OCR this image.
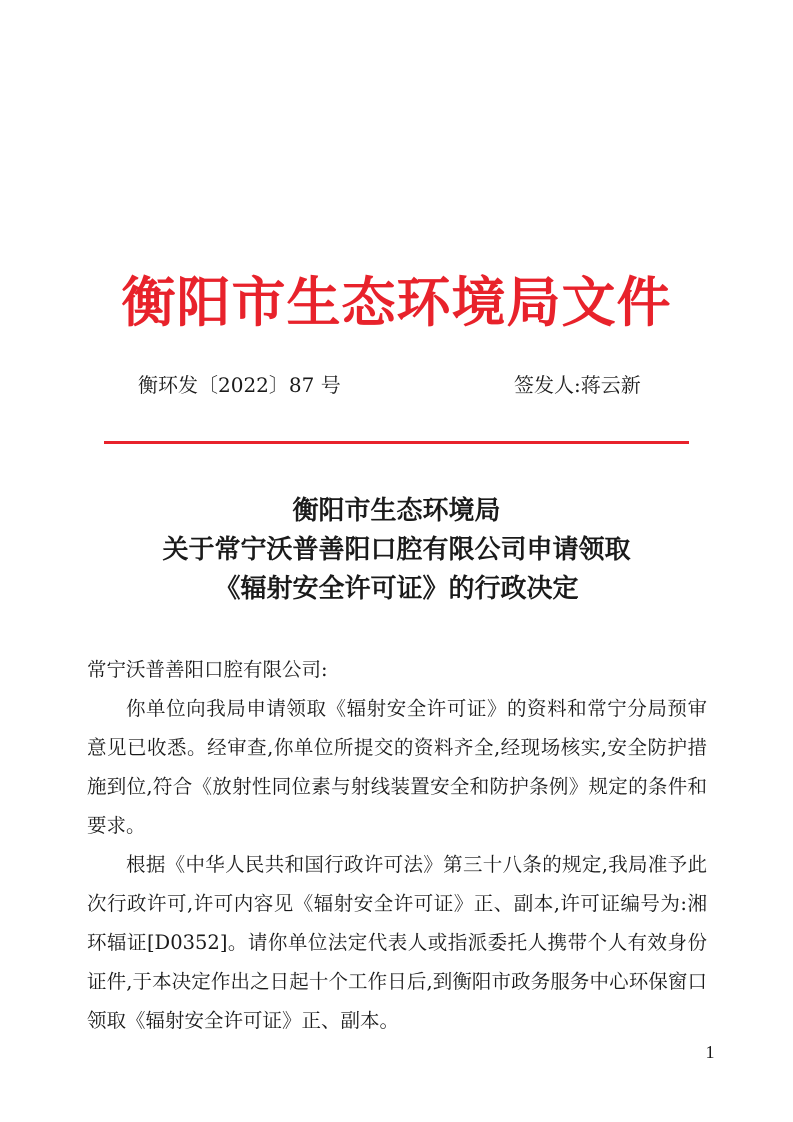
衡阳市生态环境局文件
衡环发〔2022〕87 号	签发人:蒋云新
衡阳市生态环境局
关于常宁沃普善阳口腔有限公司申请领取
《辐射安全许可证》的行政决定

常宁沃普善阳口腔有限公司:

你单位向我局申请领取《辐射安全许可证》的资料和常宁分局预审意见已收悉。经审查,你单位所提交的资料齐全,经现场核实,安全防护措施到位,符合《放射性同位素与射线装置安全和防护条例》规定的条件和要求。

根据《中华人民共和国行政许可法》第三十八条的规定,我局准予此次行政许可,许可内容见《辐射安全许可证》正、副本,许可证编号为:湘环辐证[D0352]。请你单位法定代表人或指派委托人携带个人有效身份证件,于本决定作出之日起十个工作日后,到衡阳市政务服务中心环保窗口领取《辐射安全许可证》正、副本。

1
